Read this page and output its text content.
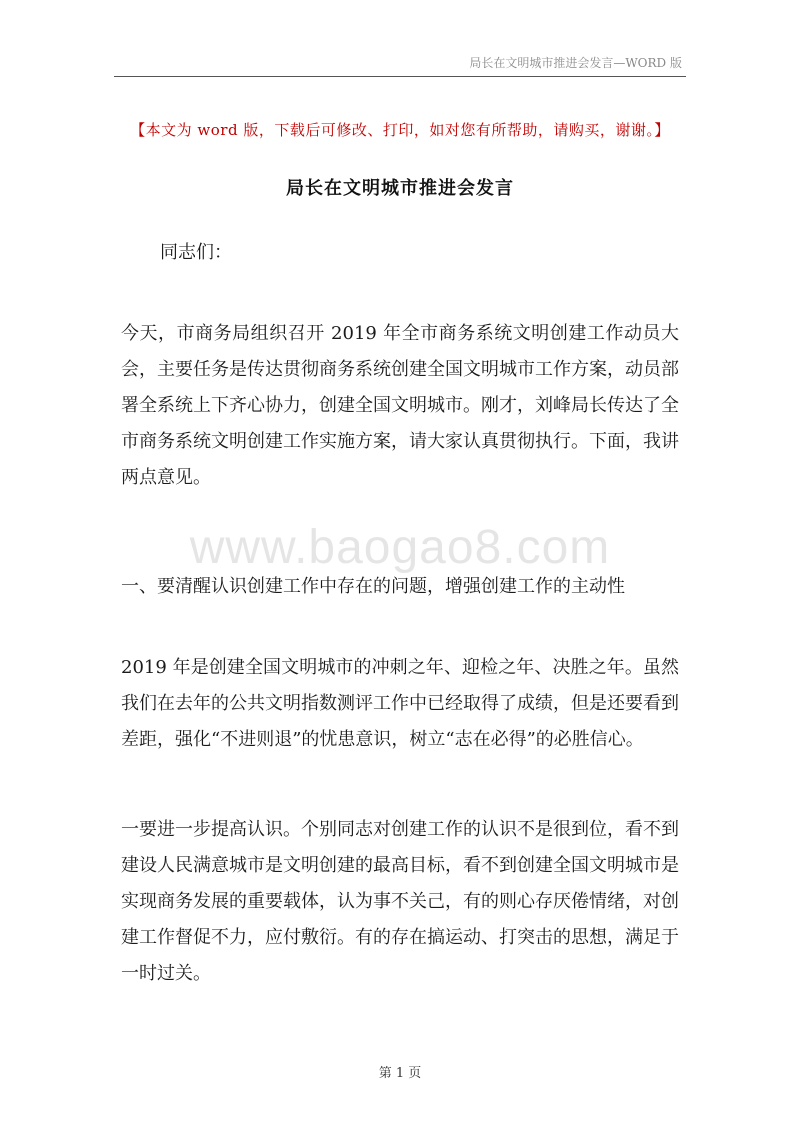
局长在文明城市推进会发言—WORD 版
【本文为 word 版，下载后可修改、打印，如对您有所帮助，请购买，谢谢。】
局长在文明城市推进会发言
同志们：

今天，市商务局组织召开 2019 年全市商务系统文明创建工作动员大会，主要任务是传达贯彻商务系统创建全国文明城市工作方案，动员部署全系统上下齐心协力，创建全国文明城市。刚才，刘峰局长传达了全市商务系统文明创建工作实施方案，请大家认真贯彻执行。下面，我讲两点意见。

www.baogao8.com
一、要清醒认识创建工作中存在的问题，增强创建工作的主动性

2019 年是创建全国文明城市的冲刺之年、迎检之年、决胜之年。虽然我们在去年的公共文明指数测评工作中已经取得了成绩，但是还要看到差距，强化“不进则退”的忧患意识，树立“志在必得”的必胜信心。

一要进一步提高认识。个别同志对创建工作的认识不是很到位，看不到建设人民满意城市是文明创建的最高目标，看不到创建全国文明城市是实现商务发展的重要载体，认为事不关己，有的则心存厌倦情绪，对创建工作督促不力，应付敷衍。有的存在搞运动、打突击的思想，满足于一时过关。

第 1 页
